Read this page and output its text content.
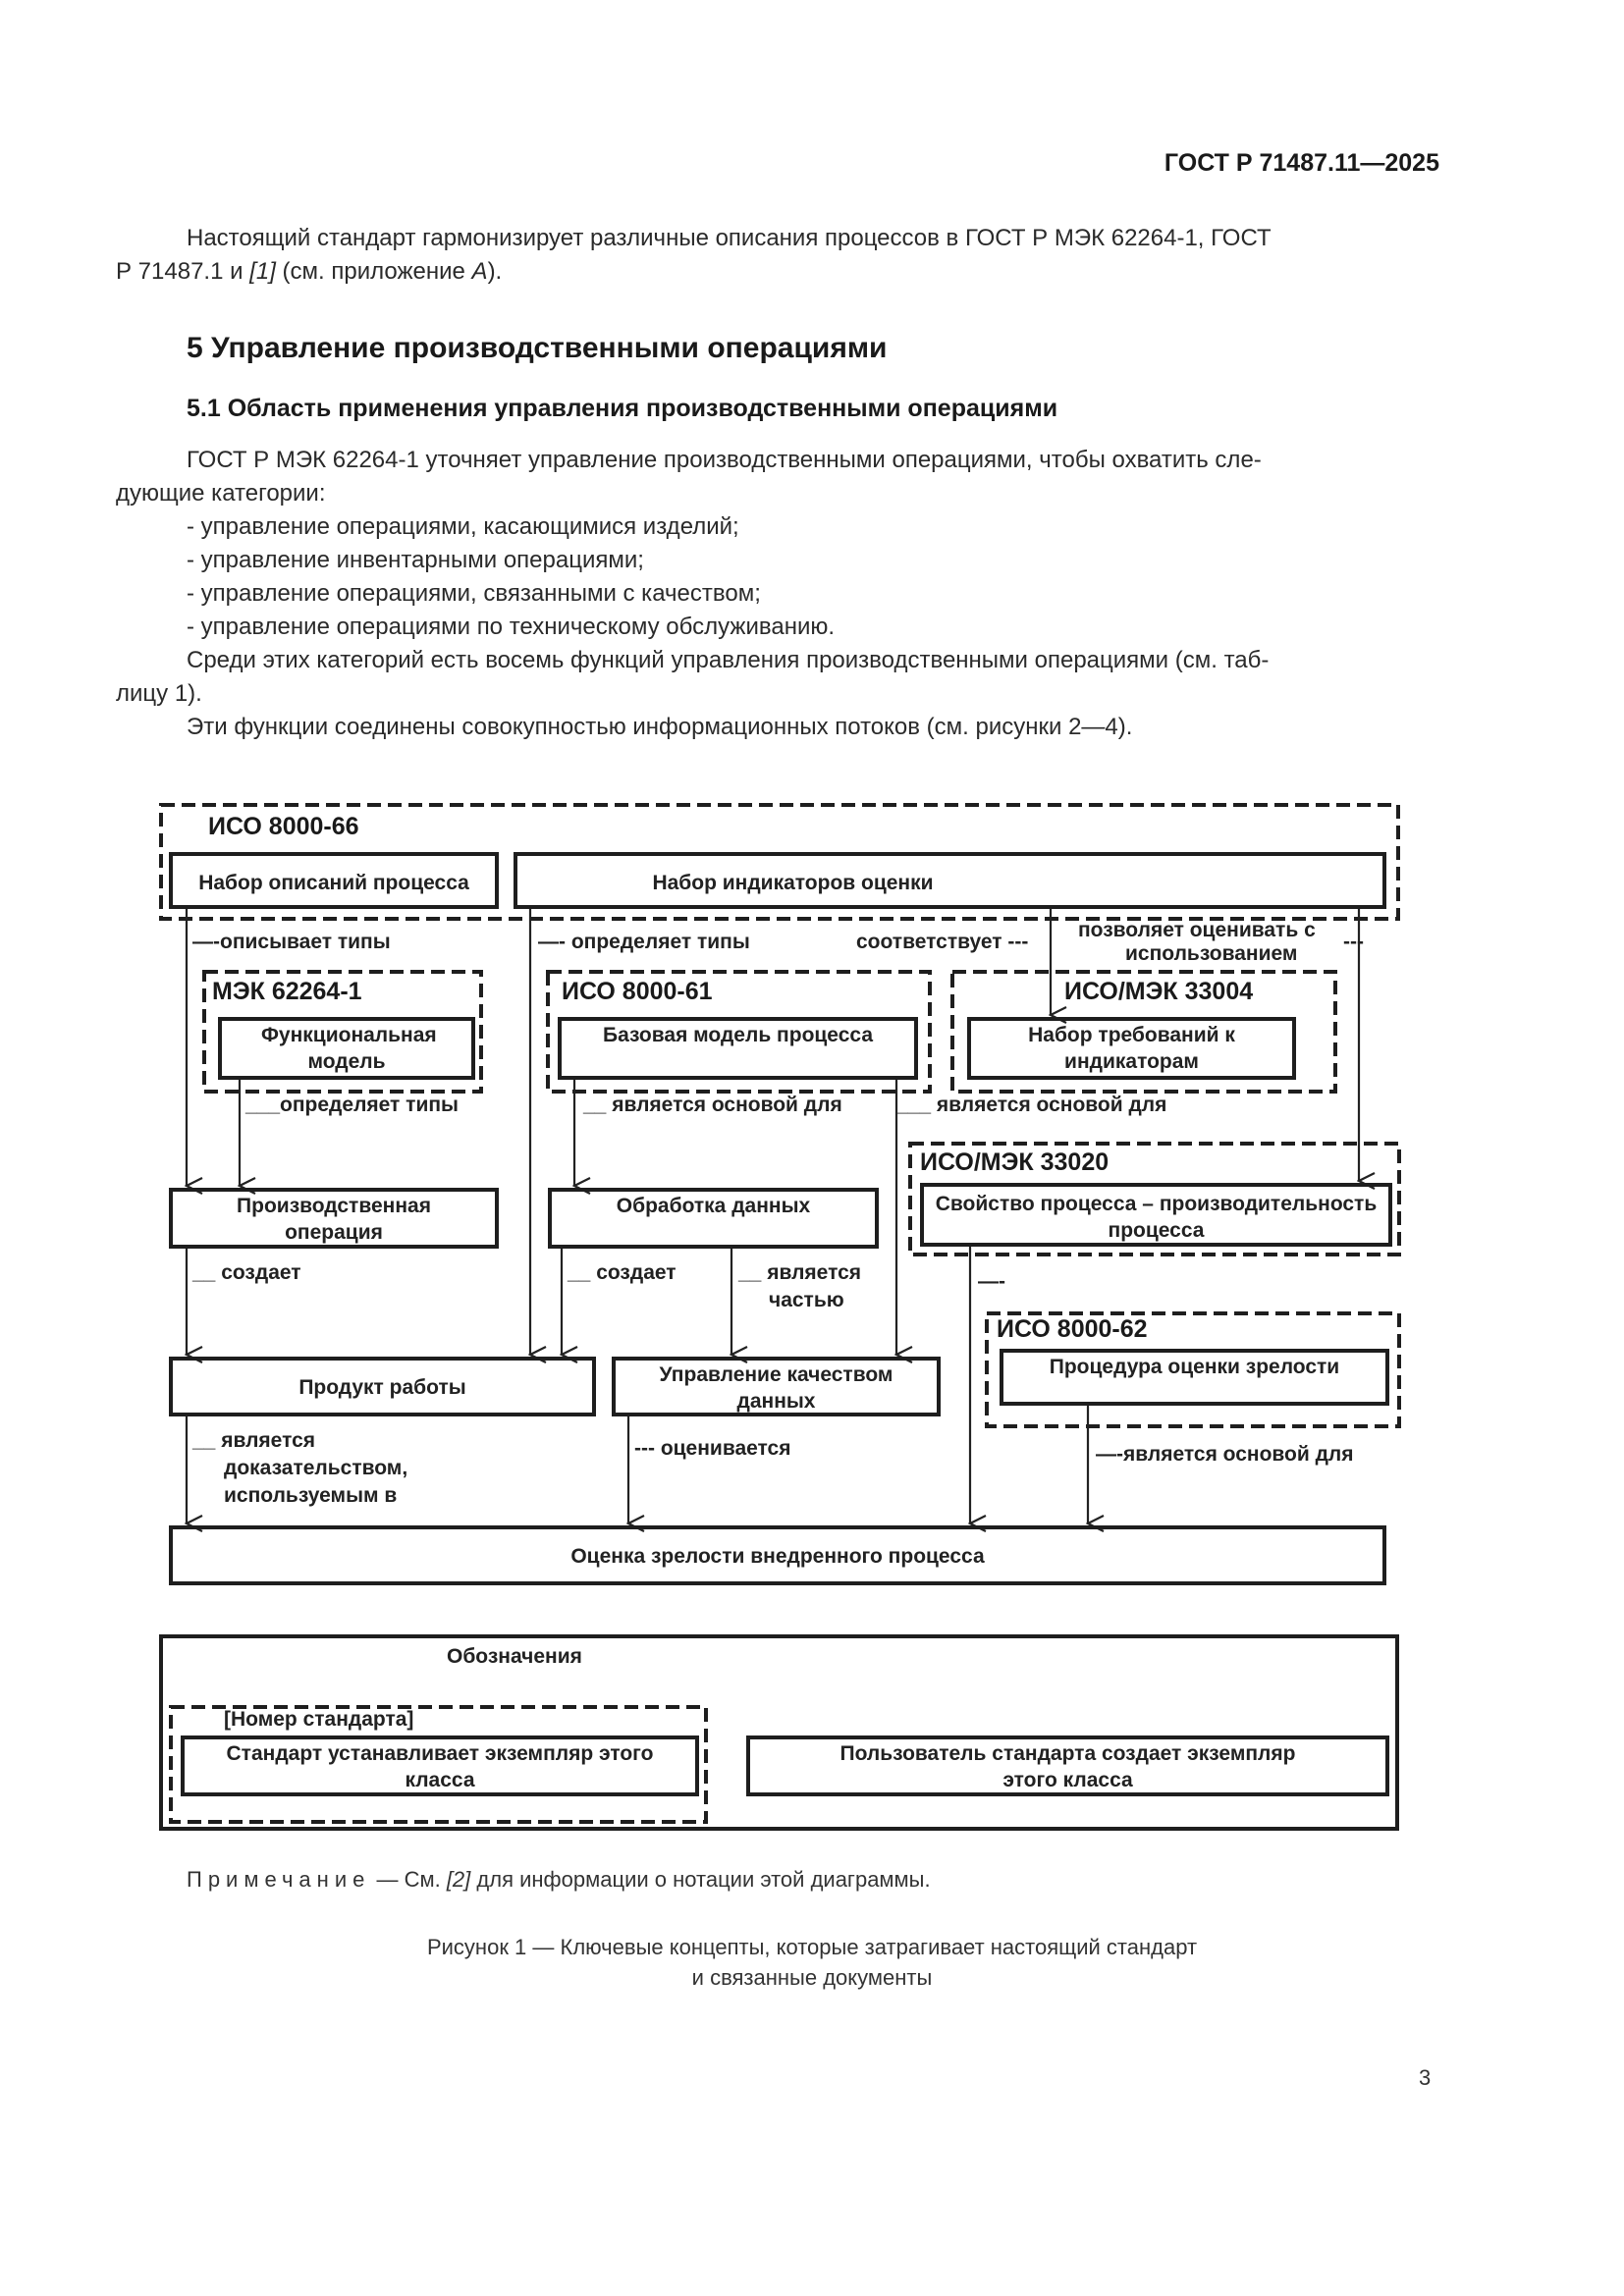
ГОСТ Р 71487.11—2025
Настоящий стандарт гармонизирует различные описания процессов в ГОСТ Р МЭК 62264-1, ГОСТ
Р 71487.1 и [1] (см. приложение А).
5 Управление производственными операциями
5.1 Область применения управления производственными операциями
ГОСТ Р МЭК 62264-1 уточняет управление производственными операциями, чтобы охватить сле-
дующие категории:
- управление операциями, касающимися изделий;
- управление инвентарными операциями;
- управление операциями, связанными с качеством;
- управление операциями по техническому обслуживанию.
Среди этих категорий есть восемь функций управления производственными операциями (см. таб-
лицу 1).
Эти функции соединены совокупностью информационных потоков (см. рисунки 2—4).
ИСО 8000-66
МЭК 62264-1	ИСО 8000-61	ИСО/МЭК 33004
ИСО/МЭК 33020
ИСО 8000-62
Набор описаний процесса	Набор индикаторов оценки
Функциональная модель
Базовая модель процесса	Набор требований к индикаторам
Производственная операция
Обработка данных	Свойство процесса – производительность процесса
Продукт работы
Управление качеством данных
Процедура оценки зрелости
Оценка зрелости внедренного процесса
—-описывает типы	—- определяет типы	соответствует ---
позволяет оценивать с
использованием
---
___определяет типы	__ является основой для	___ является основой для
__ создает	__ создает	__ является
частью
—-
__ является
доказательством,
используемым в
--- оценивается	—-является основой для
Обозначения
[Номер стандарта]
Стандарт устанавливает экземпляр этого класса
Пользователь стандарта создает экземпляр этого класса
Примечание — См. [2] для информации о нотации этой диаграммы.
Рисунок 1 — Ключевые концепты, которые затрагивает настоящий стандарт
и связанные документы
3
